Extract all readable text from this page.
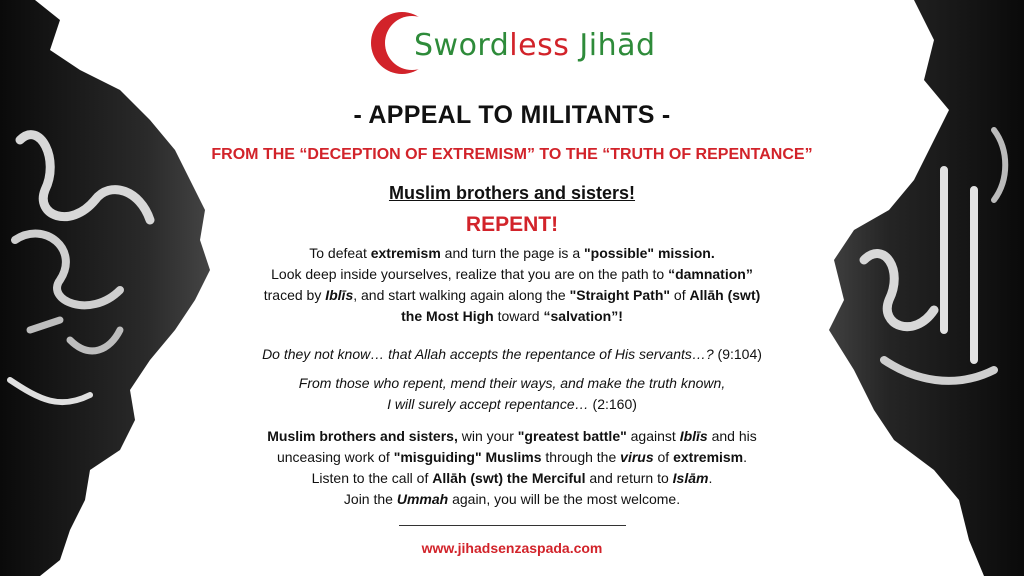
Swordless Jihād
- APPEAL TO MILITANTS -
FROM THE “DECEPTION OF EXTREMISM” TO THE “TRUTH OF REPENTANCE”
Muslim brothers and sisters!
REPENT!
To defeat extremism and turn the page is a "possible" mission.
Look deep inside yourselves, realize that you are on the path to “damnation”
traced by Iblīs, and start walking again along the "Straight Path" of Allāh (swt)
the Most High toward “salvation”!
Do they not know… that Allah accepts the repentance of His servants…? (9:104)
From those who repent, mend their ways, and make the truth known,
I will surely accept repentance… (2:160)
Muslim brothers and sisters, win your "greatest battle" against Iblīs and his
unceasing work of "misguiding" Muslims through the virus of extremism.
Listen to the call of Allāh (swt) the Merciful and return to Islām.
Join the Ummah again, you will be the most welcome.
www.jihadsenzaspada.com
